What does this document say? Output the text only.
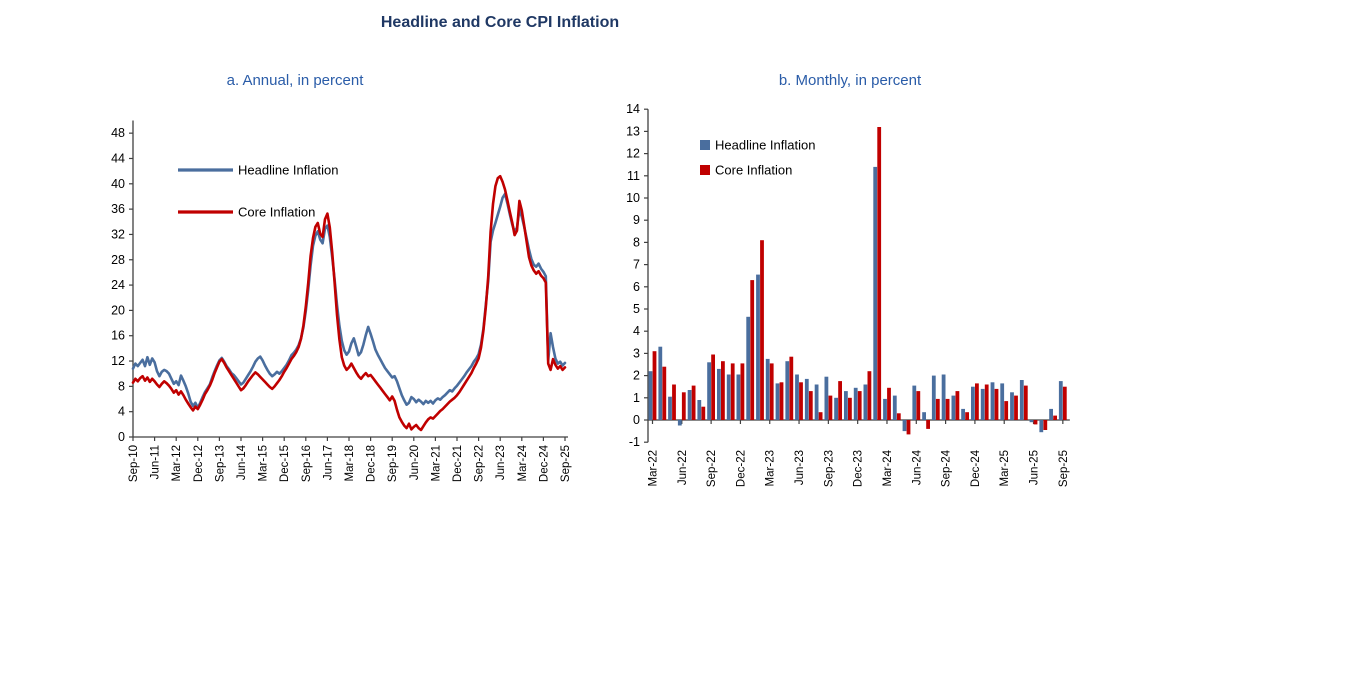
Headline and Core CPI Inflation
a. Annual, in percent	b. Monthly, in percent
0
4
8
12
16
20
24
28
32
36
40
44
48
Sep-10 Jun-11 Mar-12 Dec-12 Sep-13 Jun-14 Mar-15 Dec-15 Sep-16 Jun-17 Mar-18 Dec-18 Sep-19 Jun-20 Mar-21 Dec-21 Sep-22 Jun-23 Mar-24 Dec-24 Sep-25
Headline Inflation
Core Inflation
-1
0
1
2
3
4
5
6
7
8
9
10
11
12
13
14
Mar-22 Jun-22 Sep-22 Dec-22 Mar-23 Jun-23 Sep-23 Dec-23 Mar-24 Jun-24 Sep-24 Dec-24 Mar-25 Jun-25 Sep-25
Headline Inflation
Core Inflation
